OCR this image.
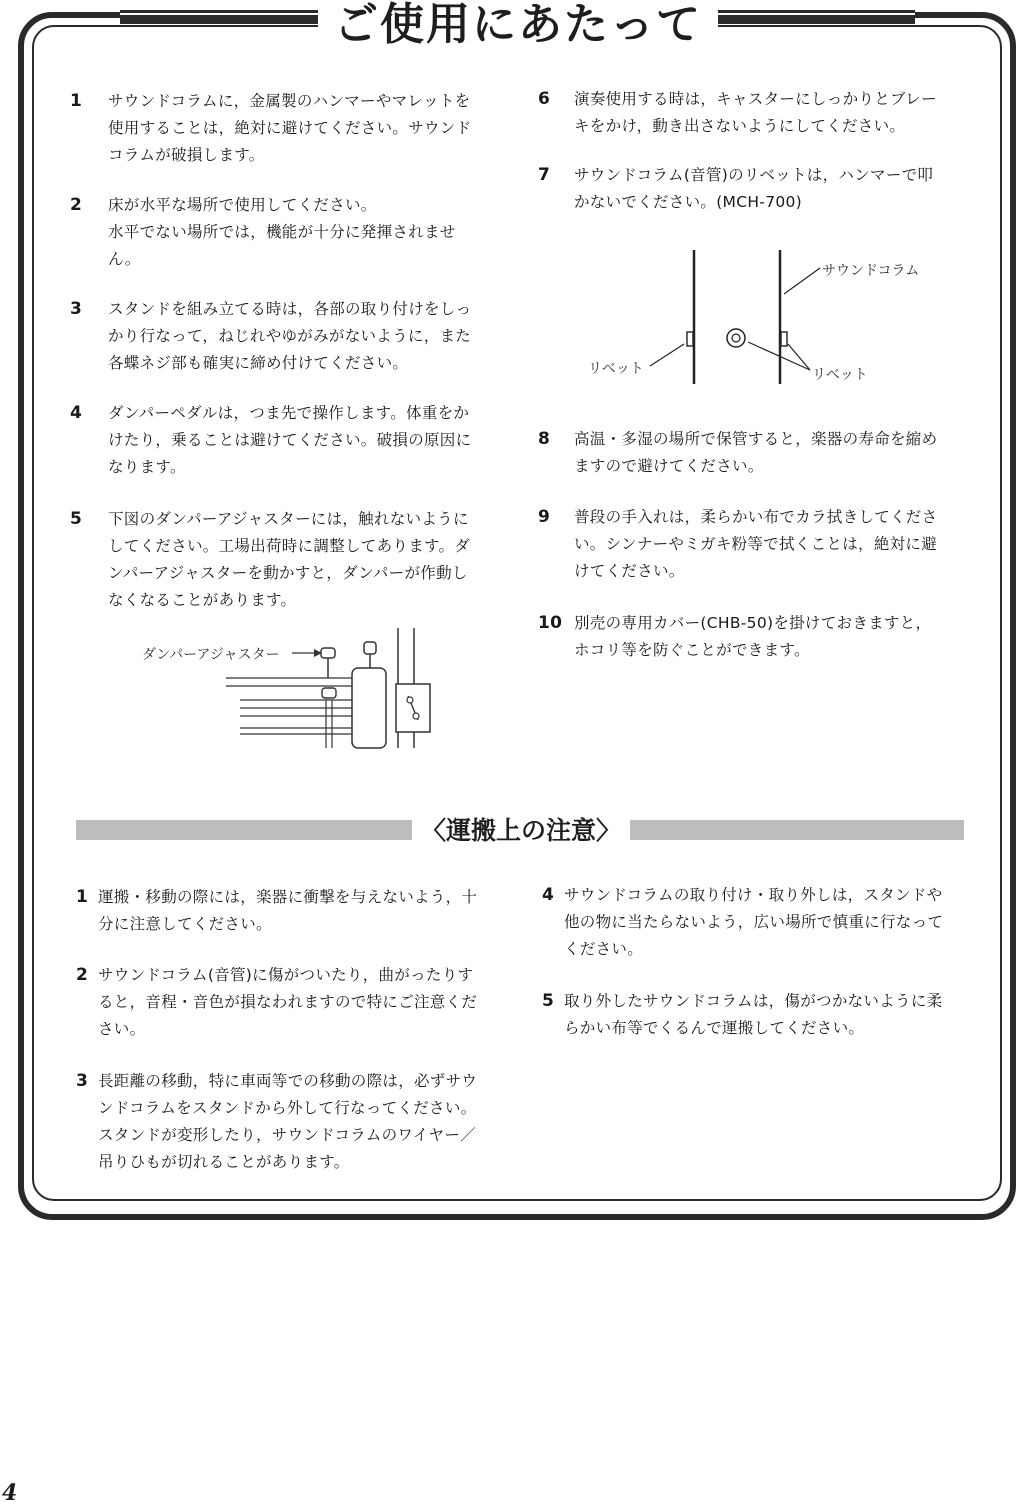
ご使用にあたって
1 サウンドコラムに，金属製のハンマーやマレットを
使用することは，絶対に避けてください。サウンド
コラムが破損します。
2 床が水平な場所で使用してください。
水平でない場所では，機能が十分に発揮されませ
ん。
3 スタンドを組み立てる時は，各部の取り付けをしっ
かり行なって，ねじれやゆがみがないように，また
各蝶ネジ部も確実に締め付けてください。
4 ダンパーペダルは，つま先で操作します。体重をか
けたり，乗ることは避けてください。破損の原因に
なります。
5 下図のダンパーアジャスターには，触れないように
してください。工場出荷時に調整してあります。ダ
ンパーアジャスターを動かすと，ダンパーが作動し
なくなることがあります。
ダンパーアジャスター
6 演奏使用する時は，キャスターにしっかりとブレー
キをかけ，動き出さないようにしてください。
7 サウンドコラム(音管)のリベットは，ハンマーで叩
かないでください。(MCH-700)
サウンドコラム
リベット	リベット
8 高温・多湿の場所で保管すると，楽器の寿命を縮め
ますので避けてください。
9 普段の手入れは，柔らかい布でカラ拭きしてくださ
い。シンナーやミガキ粉等で拭くことは，絶対に避
けてください。
10 別売の専用カバー(CHB-50)を掛けておきますと，
ホコリ等を防ぐことができます。
〈運搬上の注意〉
1 運搬・移動の際には，楽器に衝撃を与えないよう，十
分に注意してください。
2 サウンドコラム(音管)に傷がついたり，曲がったりす
ると，音程・音色が損なわれますので特にご注意くだ
さい。
3 長距離の移動，特に車両等での移動の際は，必ずサウ
ンドコラムをスタンドから外して行なってください。
スタンドが変形したり，サウンドコラムのワイヤー／
吊りひもが切れることがあります。
4 サウンドコラムの取り付け・取り外しは，スタンドや
他の物に当たらないよう，広い場所で慎重に行なって
ください。
5 取り外したサウンドコラムは，傷がつかないように柔
らかい布等でくるんで運搬してください。
4
